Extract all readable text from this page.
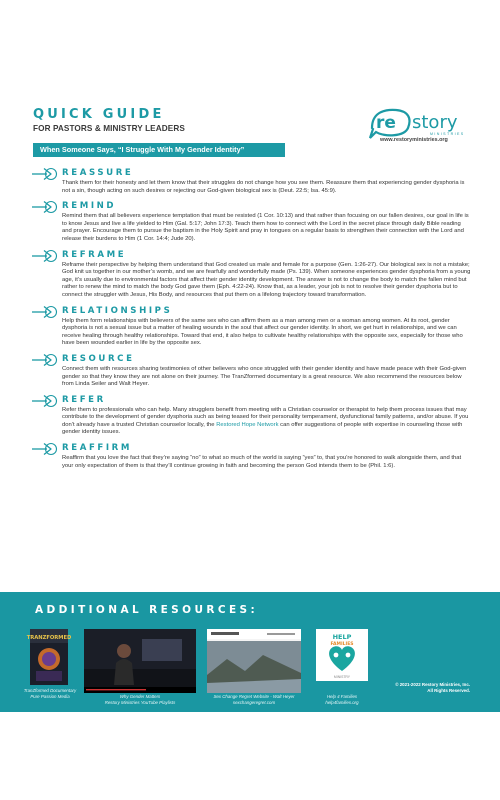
QUICK GUIDE
FOR PASTORS & MINISTRY LEADERS	re story
MINISTRIES
www.restoryministries.org
When Someone Says, “I Struggle With My Gender Identity”
REASSURE
Thank them for their honesty and let them know that their struggles do not change how you see them. Reassure them that experiencing gender dysphoria is not a sin, though acting on such desires or rejecting our God-given biological sex is (Deut. 22:5; Isa. 45:9).
REMIND
Remind them that all believers experience temptation that must be resisted (1 Cor. 10:13) and that rather than focusing on our fallen desires, our goal in life is to know Jesus and live a life yielded to Him (Gal. 5:17; John 17:3). Teach them how to connect with the Lord in the secret place through daily Bible reading and prayer. Encourage them to pursue the baptism in the Holy Spirit and pray in tongues on a regular basis to strengthen their connection with the Lord and release their burdens to Him (1 Cor. 14:4; Jude 20).
REFRAME
Reframe their perspective by helping them understand that God created us male and female for a purpose (Gen. 1:26-27). Our biological sex is not a mistake; God knit us together in our mother’s womb, and we are fearfully and wonderfully made (Ps. 139). When someone experiences gender dysphoria from a young age, it’s usually due to environmental factors that affect their gender identity development. The answer is not to change the body to match the fallen mind but rather to renew the mind to match the body God gave them (Eph. 4:22-24). Know that, as a leader, your job is not to resolve their gender dysphoria but to connect the struggler with Jesus, His Body, and resources that put them on a lifelong trajectory toward transformation.
RELATIONSHIPS
Help them form relationships with believers of the same sex who can affirm them as a man among men or a woman among women. At its root, gender dysphoria is not a sexual issue but a matter of healing wounds in the soul that affect our gender identity. In short, we get hurt in relationships, and we can receive healing through healthy relationships. Toward that end, it also helps to cultivate healthy relationships with the opposite sex, especially for those who have been wounded earlier in life by the opposite sex.
RESOURCE
Connect them with resources sharing testimonies of other believers who once struggled with their gender identity and have made peace with their God-given gender so that they know they are not alone on their journey. The TranZformed documentary is a great resource. We also recommend the resources below from Linda Seiler and Walt Heyer.
REFER
Refer them to professionals who can help. Many strugglers benefit from meeting with a Christian counselor or therapist to help them process issues that may contribute to the development of gender dysphoria such as being teased for their personality temperament, dysfunctional family patterns, and/or abuse. If you don’t already have a trusted Christian counselor locally, the Restored Hope Network can offer suggestions of people with expertise in counseling those with gender identity issues.
REAFFIRM
Reaffirm that you love the fact that they’re saying “no” to what so much of the world is saying “yes” to, that you’re honored to walk alongside them, and that your only expectation of them is that they’ll continue growing in faith and becoming the person God intends them to be (Phil. 1:6).
ADDITIONAL RESOURCES:
TRANZFORMED
TranZformed Documentary
Pure Passion Media	Why Gender Matters
Restory Ministries YouTube Playlists
Sex Change Regret Website - Walt Heyer
sexchangeregret.com
HELP
FAMILIES
MINISTRY
Help 4 Families
help4families.org
© 2021-2022 Restory Ministries, Inc.
All Rights Reserved.
